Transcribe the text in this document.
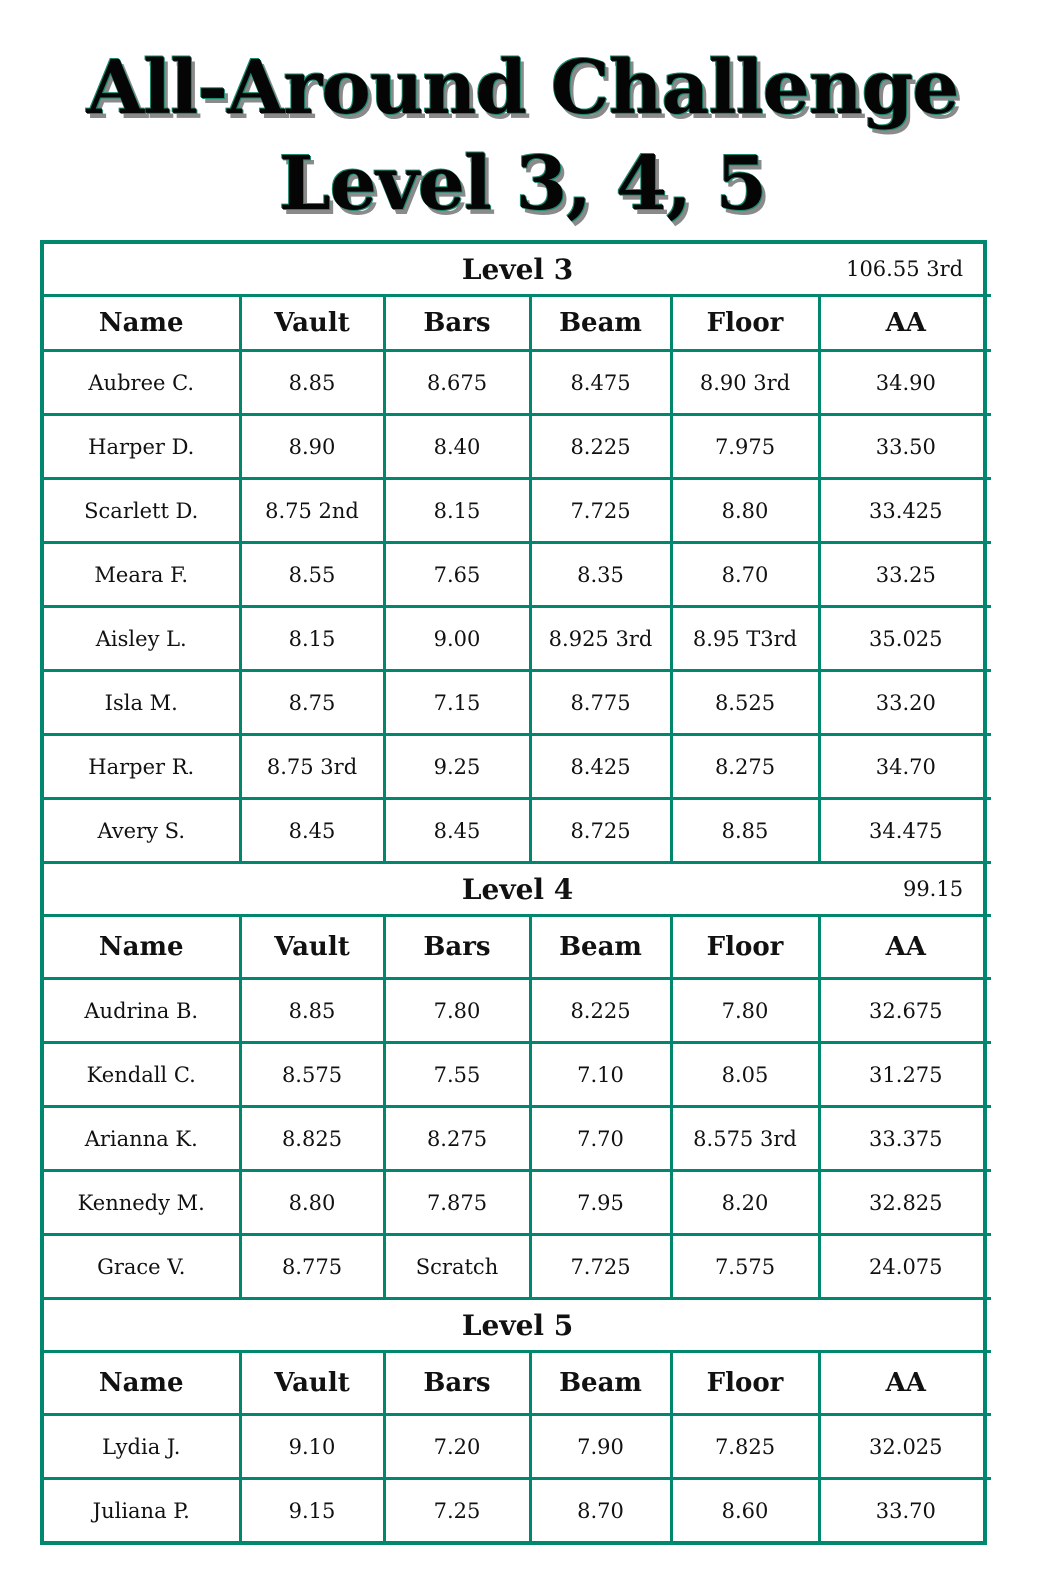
All-Around Challenge
Level 3, 4, 5
Level 3 106.55 3rd					

Name	Vault	Bars	Beam	Floor	AA
Aubree C.	8.85	8.675	8.475	8.90 3rd	34.90
Harper D.	8.90	8.40	8.225	7.975	33.50
Scarlett D.	8.75 2nd	8.15	7.725	8.80	33.425
Meara F.	8.55	7.65	8.35	8.70	33.25
Aisley L.	8.15	9.00	8.925 3rd	8.95 T3rd	35.025
Isla M.	8.75	7.15	8.775	8.525	33.20
Harper R.	8.75 3rd	9.25	8.425	8.275	34.70
Avery S.	8.45	8.45	8.725	8.85	34.475
Level 4 99.15					

Name	Vault	Bars	Beam	Floor	AA
Audrina B.	8.85	7.80	8.225	7.80	32.675
Kendall C.	8.575	7.55	7.10	8.05	31.275
Arianna K.	8.825	8.275	7.70	8.575 3rd	33.375
Kennedy M.	8.80	7.875	7.95	8.20	32.825
Grace V.	8.775	Scratch	7.725	7.575	24.075
Level 5					

Name	Vault	Bars	Beam	Floor	AA
Lydia J.	9.10	7.20	7.90	7.825	32.025
Juliana P.	9.15	7.25	8.70	8.60	33.70
